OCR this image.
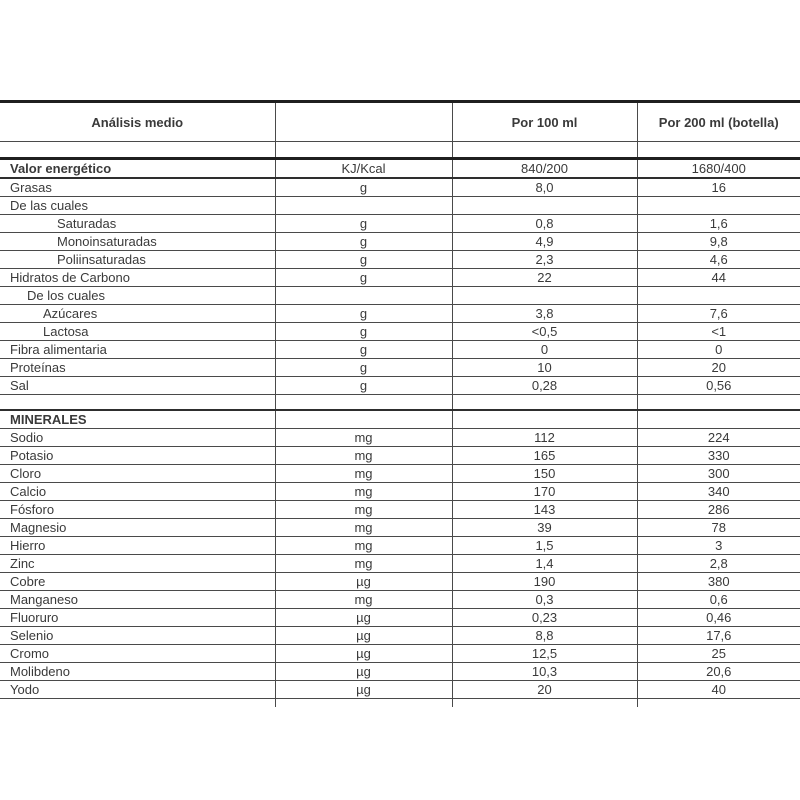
Análisis medio		Por 100 ml	Por 200 ml (botella)

Valor energético	KJ/Kcal	840/200	1680/400
Grasas	g	8,0	16
De las cuales			
Saturadas	g	0,8	1,6
Monoinsaturadas	g	4,9	9,8
Poliinsaturadas	g	2,3	4,6
Hidratos de Carbono	g	22	44
De los cuales			
Azúcares	g	3,8	7,6
Lactosa	g	<0,5	<1
Fibra alimentaria	g	0	0
Proteínas	g	10	20
Sal	g	0,28	0,56

MINERALES			
Sodio	mg	112	224
Potasio	mg	165	330
Cloro	mg	150	300
Calcio	mg	170	340
Fósforo	mg	143	286
Magnesio	mg	39	78
Hierro	mg	1,5	3
Zinc	mg	1,4	2,8
Cobre	µg	190	380
Manganeso	mg	0,3	0,6
Fluoruro	µg	0,23	0,46
Selenio	µg	8,8	17,6
Cromo	µg	12,5	25
Molibdeno	µg	10,3	20,6
Yodo	µg	20	40
